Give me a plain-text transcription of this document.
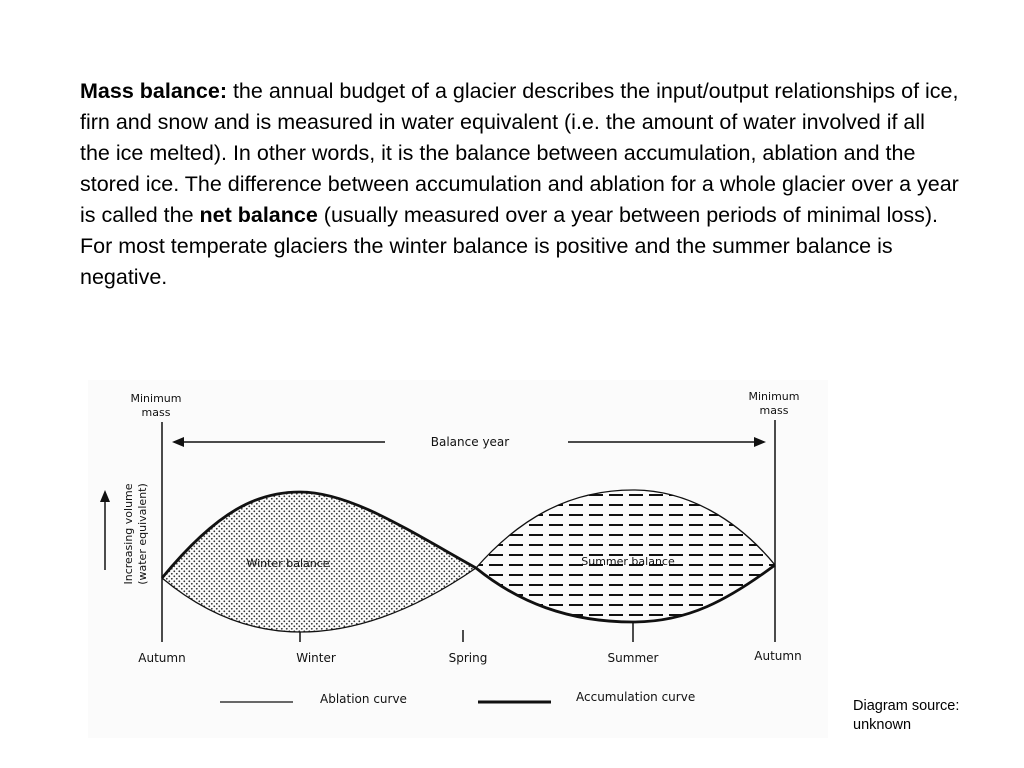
Mass balance: the annual budget of a glacier describes the input/output relationships of ice, firn and snow and is measured in water equivalent (i.e. the amount of water involved if all the ice melted). In other words, it is the balance between accumulation, ablation and the stored ice. The difference between accumulation and ablation for a whole glacier over a year is called the net balance (usually measured over a year between periods of minimal loss). For most temperate glaciers the winter balance is positive and the summer balance is negative.

Minimum
mass
Minimum
mass
Balance year
Increasing volume (water equivalent)	Winter balance	Summer balance
Autumn	Winter	Spring	Summer	Autumn
Ablation curve	Accumulation curve

Diagram source: unknown
